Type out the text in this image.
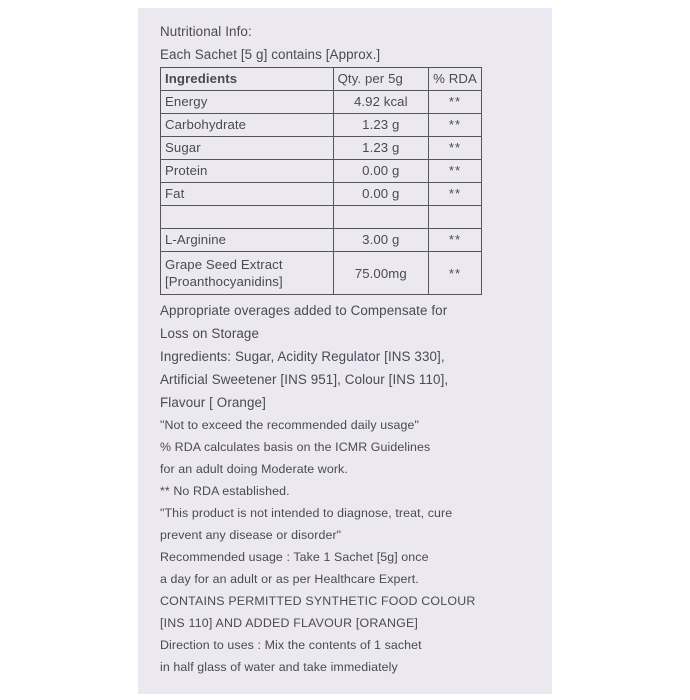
Nutritional Info:
Each Sachet [5 g] contains [Approx.]
Ingredients	Qty. per 5g	% RDA
Energy	4.92 kcal	**
Carbohydrate	1.23 g	**
Sugar	1.23 g	**
Protein	0.00 g	**
Fat	0.00 g	**

L-Arginine	3.00 g	**

Grape Seed Extract
[Proanthocyanidins]	75.00mg	**
Appropriate overages added to Compensate for
Loss on Storage
Ingredients: Sugar, Acidity Regulator [INS 330],
Artificial Sweetener [INS 951], Colour [INS 110],
Flavour [ Orange]
"Not to exceed the recommended daily usage"
% RDA calculates basis on the ICMR Guidelines
for an adult doing Moderate work.
** No RDA established.
"This product is not intended to diagnose, treat, cure
prevent any disease or disorder"
Recommended usage : Take 1 Sachet [5g] once
a day for an adult or as per Healthcare Expert.
CONTAINS PERMITTED SYNTHETIC FOOD COLOUR
[INS 110] AND ADDED FLAVOUR [ORANGE]
Direction to uses : Mix the contents of 1 sachet
in half glass of water and take immediately
